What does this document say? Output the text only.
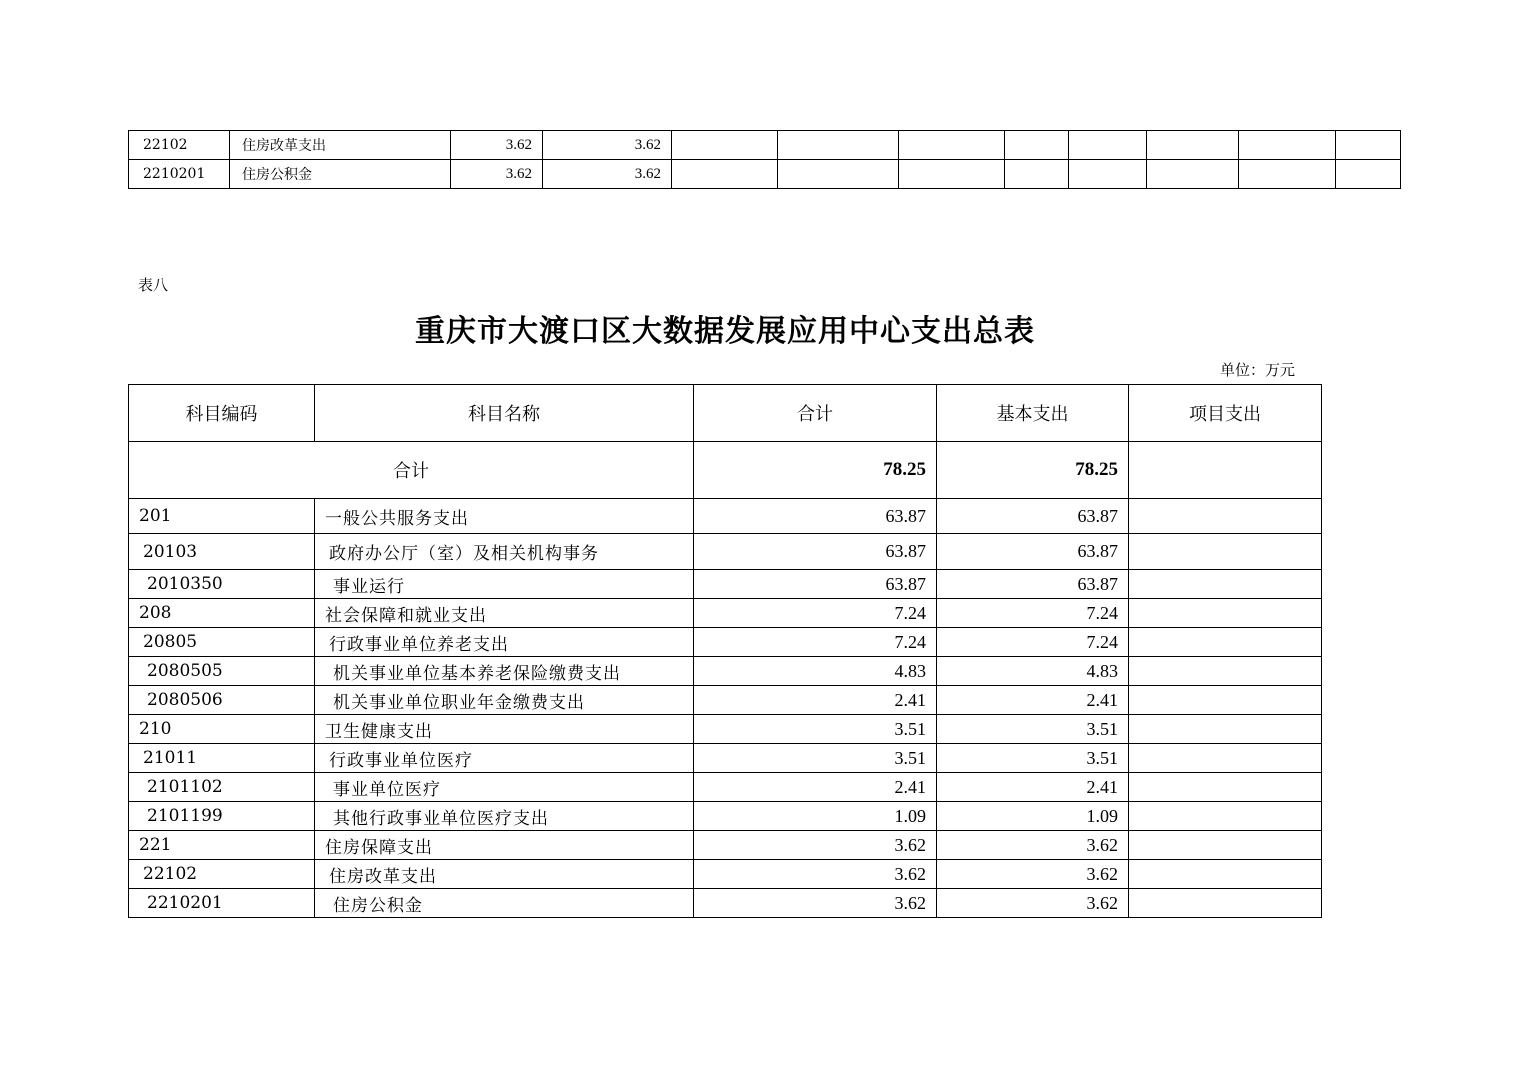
22102	住房改革支出	3.62	3.62								
2210201	住房公积金	3.62	3.62								
表八
重庆市大渡口区大数据发展应用中心支出总表
单位：万元
科目编码	科目名称	合计	基本支出	项目支出
合计		78.25	78.25	
201	一般公共服务支出	63.87	63.87	
20103	政府办公厅（室）及相关机构事务	63.87	63.87	
2010350	事业运行	63.87	63.87	
208	社会保障和就业支出	7.24	7.24	
20805	行政事业单位养老支出	7.24	7.24	
2080505	机关事业单位基本养老保险缴费支出	4.83	4.83	
2080506	机关事业单位职业年金缴费支出	2.41	2.41	
210	卫生健康支出	3.51	3.51	
21011	行政事业单位医疗	3.51	3.51	
2101102	事业单位医疗	2.41	2.41	
2101199	其他行政事业单位医疗支出	1.09	1.09	
221	住房保障支出	3.62	3.62	
22102	住房改革支出	3.62	3.62	
2210201	住房公积金	3.62	3.62	
